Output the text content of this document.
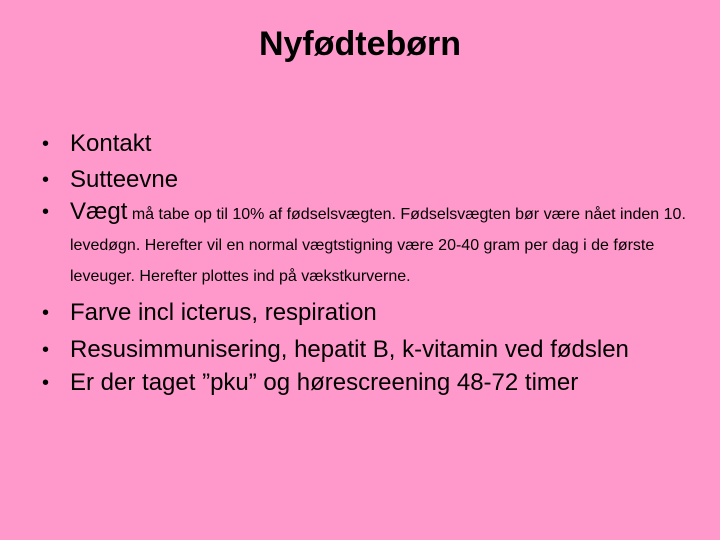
Nyfødtebørn
• Kontakt
• Sutteevne
• Vægt må tabe op til 10% af fødselsvægten. Fødselsvægten bør være nået inden 10. levedøgn. Herefter vil en normal vægtstigning være 20-40 gram per dag i de første leveuger. Herefter plottes ind på vækstkurverne.
• Farve incl icterus, respiration
• Resusimmunisering, hepatit B, k-vitamin ved fødslen
• Er der taget ”pku” og hørescreening 48-72 timer
